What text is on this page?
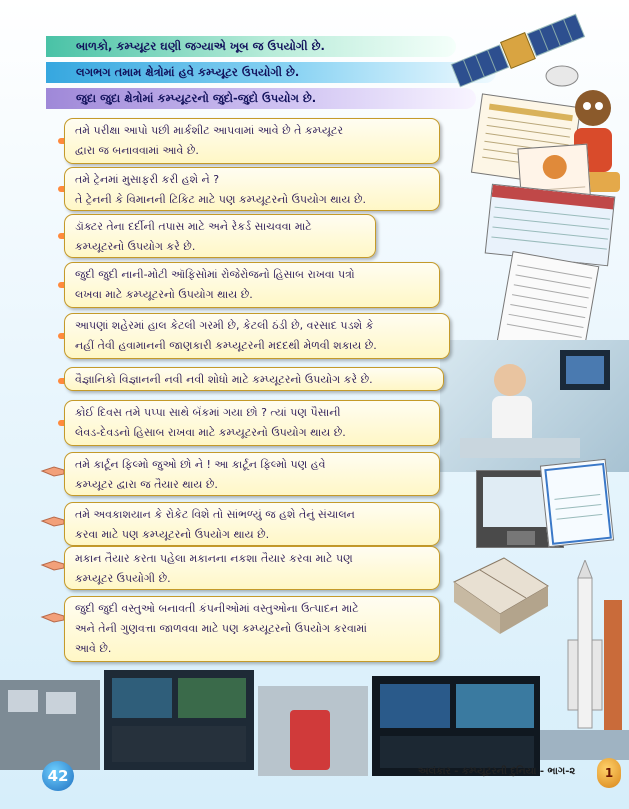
બાળકો, કમ્પ્યૂટર ઘણી જગ્યાએ ખૂબ જ ઉપયોગી છે.
લગભગ તમામ ક્ષેત્રોમાં હવે કમ્પ્યૂટર ઉપયોગી છે.
જુદા જુદા ક્ષેત્રોમાં કમ્પ્યૂટરનો જુદો-જુદો ઉપયોગ છે.
તમે પરીક્ષા આપો પછી માર્કશીટ આપવામાં આવે છે તે કમ્પ્યૂટર
દ્વારા જ બનાવવામાં આવે છે.
તમે ટ્રેનમાં મુસાફરી કરી હશે ને ?
તે ટ્રેનની કે વિમાનની ટિકિટ માટે પણ કમ્પ્યૂટરનો ઉપયોગ થાય છે.
ડૉક્ટર તેના દર્દીની તપાસ માટે અને રેકર્ડ સાચવવા માટે
કમ્પ્યૂટરનો ઉપયોગ કરે છે.
જુદી જુદી નાની-મોટી ઑફિસોમાં રોજેરોજનો હિસાબ રાખવા પત્રો
લખવા માટે કમ્પ્યૂટરનો ઉપયોગ થાય છે.
આપણાં શહેરમાં હાલ કેટલી ગરમી છે, કેટલી ઠંડી છે, વરસાદ પડશે કે
નહીં તેવી હવામાનની જાણકારી કમ્પ્યૂટરની મદદથી મેળવી શકાય છે.
વૈજ્ઞાનિકો વિજ્ઞાનની નવી નવી શોધો માટે કમ્પ્યૂટરનો ઉપયોગ કરે છે.
કોઈ દિવસ તમે પપ્પા સાથે બૅંકમાં ગયા છો ? ત્યાં પણ પૈસાની
લેવડ-દેવડનો હિસાબ રાખવા માટે કમ્પ્યૂટરનો ઉપયોગ થાય છે.
તમે કાર્ટૂન ફિલ્મો જુઓ છો ને ! આ કાર્ટૂન ફિલ્મો પણ હવે
કમ્પ્યૂટર દ્વારા જ તૈયાર થાય છે.
તમે અવકાશયાન કે રોકેટ વિશે તો સાંભળ્યું જ હશે તેનું સંચાલન
કરવા માટે પણ કમ્પ્યૂટરનો ઉપયોગ થાય છે.
મકાન તૈયાર કરતા પહેલા મકાનના નકશા તૈયાર કરવા માટે પણ
કમ્પ્યૂટર ઉપયોગી છે.
જુદી જુદી વસ્તુઓ બનાવતી કંપનીઓમાં વસ્તુઓના ઉત્પાદન માટે
અને તેની ગુણવત્તા જાળવવા માટે પણ કમ્પ્યૂટરનો ઉપયોગ કરવામાં
આવે છે.
42	અલંકાર - કમ્પ્યૂટરની દુનિયા - ભાગ-૨	1
